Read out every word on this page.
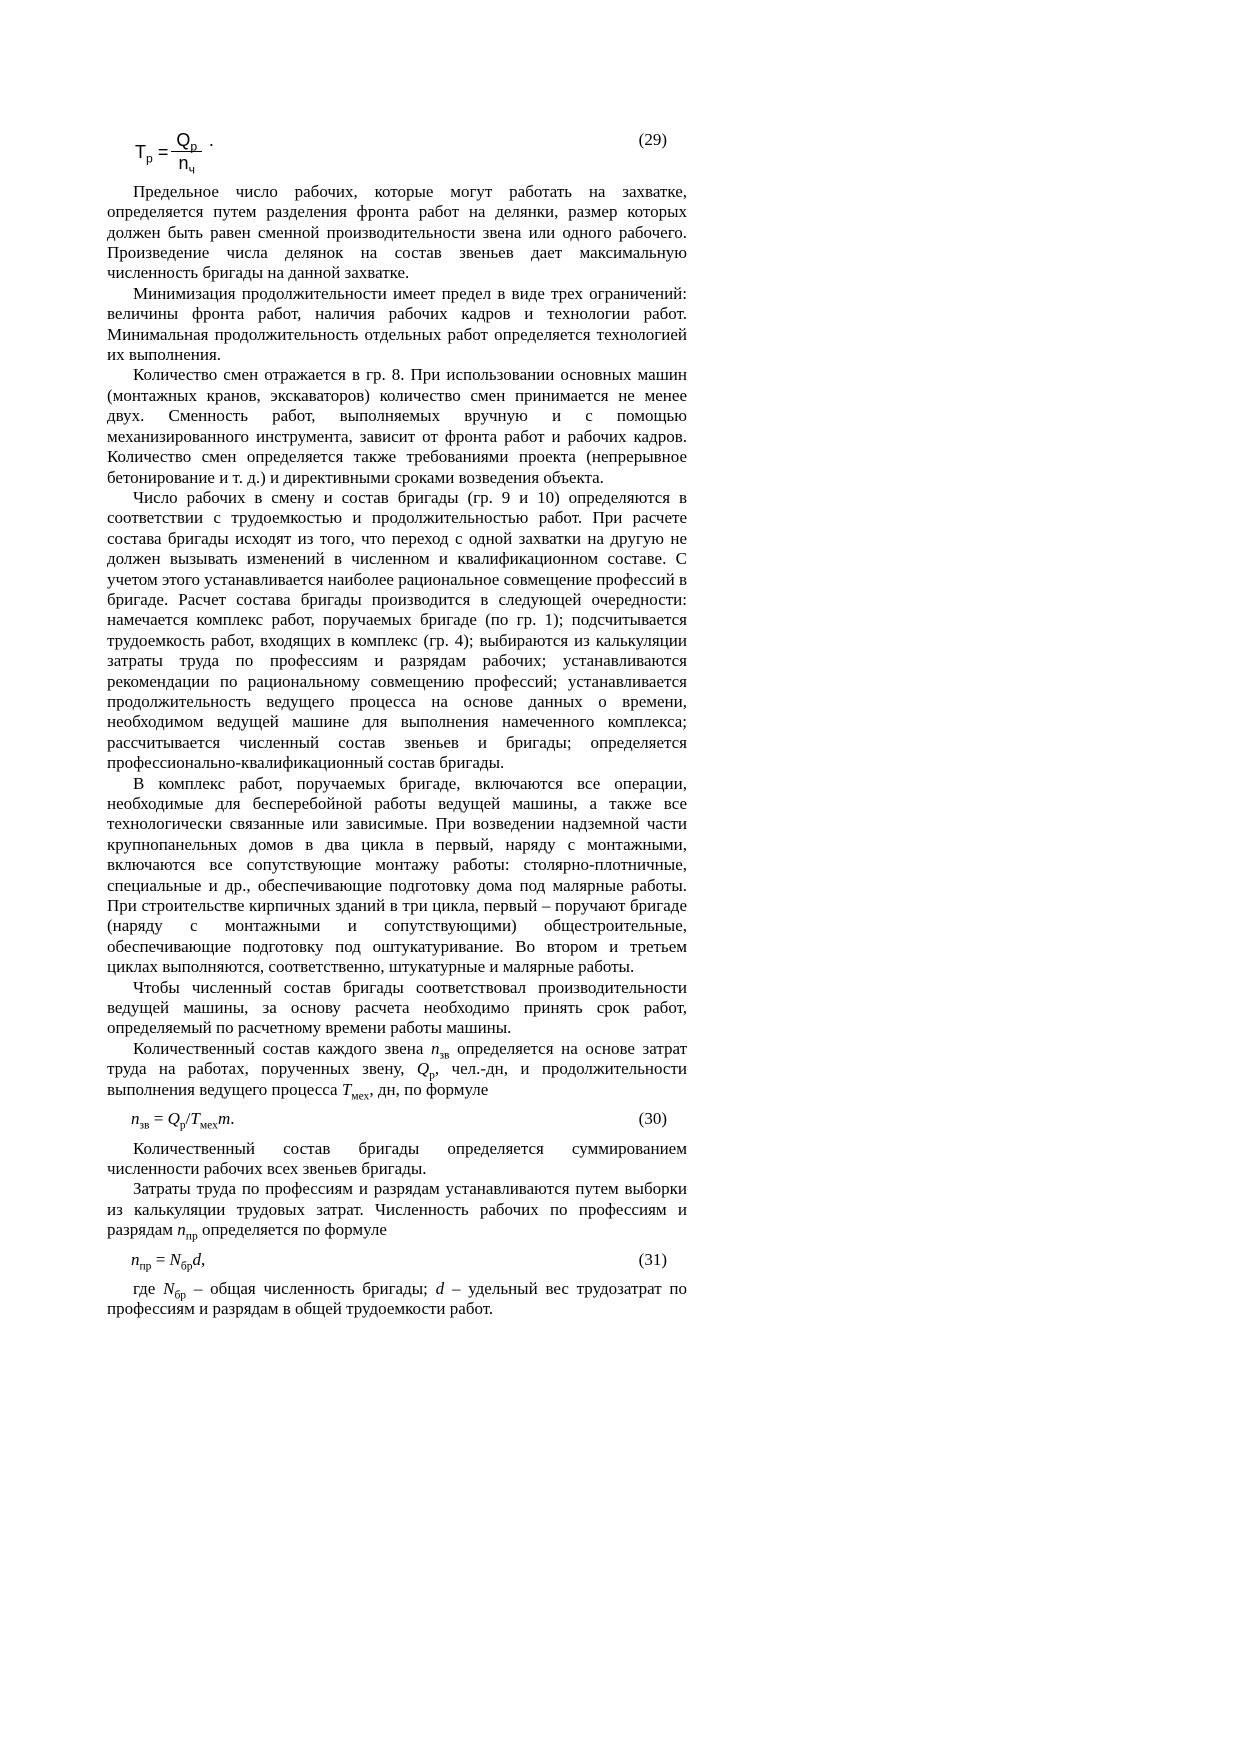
$Т_р = \frac{Q_р}{n_ч}$ .	(29)

Предельное число рабочих, которые могут работать на захватке, определяется путем разделения фронта работ на делянки, размер которых должен быть равен сменной производительности звена или одного рабочего. Произведение числа делянок на состав звеньев дает максимальную численность бригады на данной захватке.

Минимизация продолжительности имеет предел в виде трех ограничений: величины фронта работ, наличия рабочих кадров и технологии работ. Минимальная продолжительность отдельных работ определяется технологией их выполнения.

Количество смен отражается в гр. 8. При использовании основных машин (монтажных кранов, экскаваторов) количество смен принимается не менее двух. Сменность работ, выполняемых вручную и с помощью механизированного инструмента, зависит от фронта работ и рабочих кадров. Количество смен определяется также требованиями проекта (непрерывное бетонирование и т. д.) и директивными сроками возведения объекта.

Число рабочих в смену и состав бригады (гр. 9 и 10) определяются в соответствии с трудоемкостью и продолжительностью работ. При расчете состава бригады исходят из того, что переход с одной захватки на другую не должен вызывать изменений в численном и квалификационном составе. С учетом этого устанавливается наиболее рациональное совмещение профессий в бригаде. Расчет состава бригады производится в следующей очередности: намечается комплекс работ, поручаемых бригаде (по гр. 1); подсчитывается трудоемкость работ, входящих в комплекс (гр. 4); выбираются из калькуляции затраты труда по профессиям и разрядам рабочих; устанавливаются рекомендации по рациональному совмещению профессий; устанавливается продолжительность ведущего процесса на основе данных о времени, необходимом ведущей машине для выполнения намеченного комплекса; рассчитывается численный состав звеньев и бригады; определяется профессионально-квалификационный состав бригады.

В комплекс работ, поручаемых бригаде, включаются все операции, необходимые для бесперебойной работы ведущей машины, а также все технологически связанные или зависимые. При возведении надземной части крупнопанельных домов в два цикла в первый, наряду с монтажными, включаются все сопутствующие монтажу работы: столярно-плотничные, специальные и др., обеспечивающие подготовку дома под малярные работы. При строительстве кирпичных зданий в три цикла, первый – поручают бригаде (наряду с монтажными и сопутствующими) общестроительные, обеспечивающие подготовку под оштукатуривание. Во втором и третьем циклах выполняются, соответственно, штукатурные и малярные работы.

Чтобы численный состав бригады соответствовал производительности ведущей машины, за основу расчета необходимо принять срок работ, определяемый по расчетному времени работы машины.

Количественный состав каждого звена $n_{зв}$ определяется на основе затрат труда на работах, порученных звену, $Q_р$, чел.-дн, и продолжительности выполнения ведущего процесса $T_{мех}$, дн, по формуле

$n_{зв} = Q_р/T_{мех}m$.	(30)

Количественный состав бригады определяется суммированием численности рабочих всех звеньев бригады.

Затраты труда по профессиям и разрядам устанавливаются путем выборки из калькуляции трудовых затрат. Численность рабочих по профессиям и разрядам $n_{пр}$ определяется по формуле

$n_{пр} = N_{бр}d$,	(31)

где $N_{бр}$ – общая численность бригады; d – удельный вес трудозатрат по профессиям и разрядам в общей трудоемкости работ.
